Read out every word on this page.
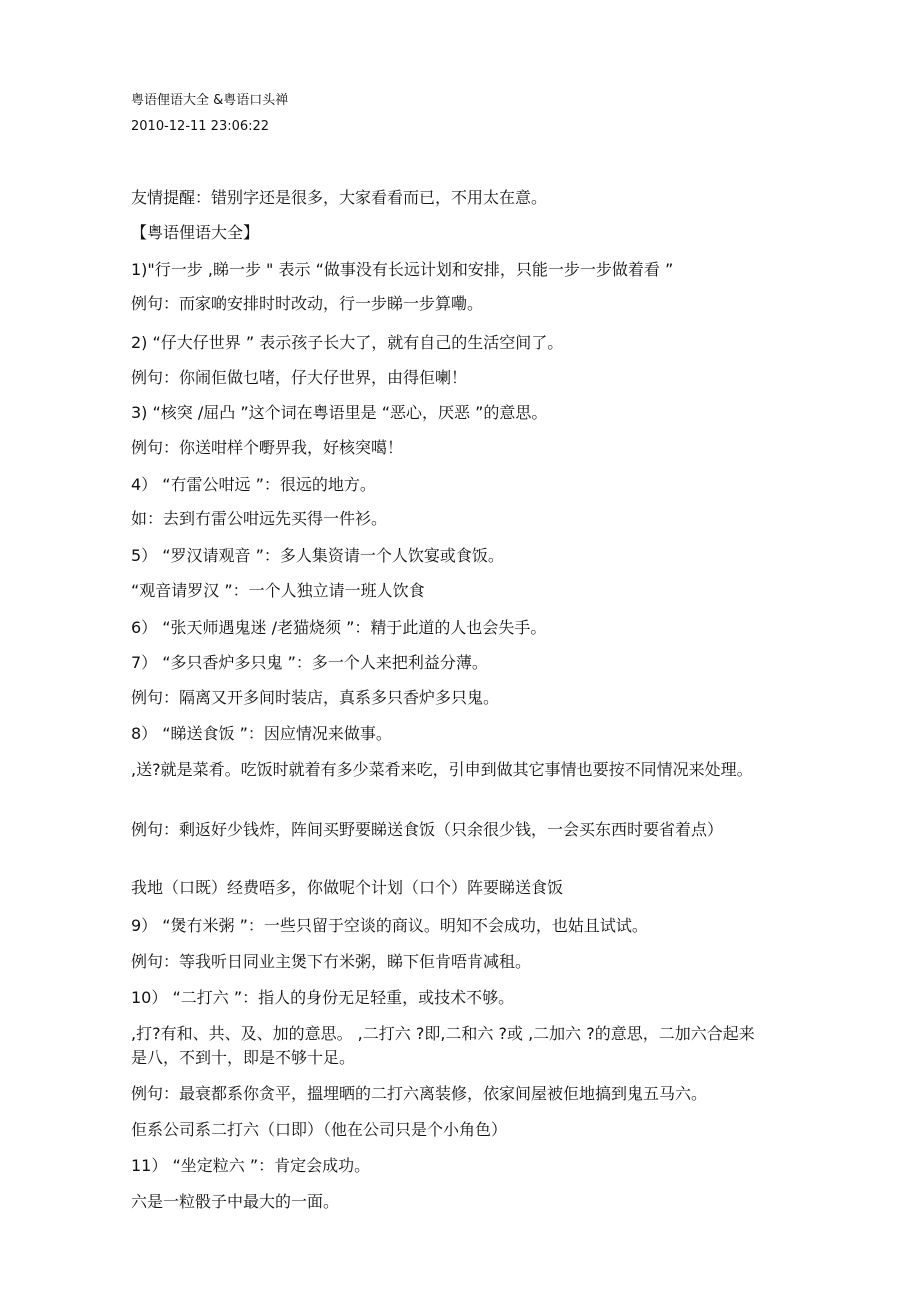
粤语俚语大全 &粤语口头禅
2010-12-11 23:06:22
友情提醒：错别字还是很多，大家看看而已，不用太在意。
【粤语俚语大全】
1)"行一步 ,睇一步 " 表示 “做事没有长远计划和安排，只能一步一步做着看 ”
例句：而家啲安排时时改动，行一步睇一步算嘞。
2) “仔大仔世界 ” 表示孩子长大了，就有自己的生活空间了。
例句：你闹佢做乜啫，仔大仔世界，由得佢喇！
3) “核突 /屈凸 ”这个词在粤语里是 “恶心，厌恶 ”的意思。
例句：你送咁样个嘢畀我，好核突噶！
4） “冇雷公咁远 ”：很远的地方。
如：去到冇雷公咁远先买得一件衫。
5） “罗汉请观音 ”：多人集资请一个人饮宴或食饭。
“观音请罗汉 ”：一个人独立请一班人饮食
6） “张天师遇鬼迷 /老猫烧须 ”：精于此道的人也会失手。
7） “多只香炉多只鬼 ”：多一个人来把利益分薄。
例句：隔离又开多间时装店，真系多只香炉多只鬼。
8） “睇送食饭 ”：因应情况来做事。
,送?就是菜肴。吃饭时就着有多少菜肴来吃，引申到做其它事情也要按不同情况来处理。
例句：剩返好少钱炸，阵间买野要睇送食饭（只余很少钱，一会买东西时要省着点）
我地（口既）经费唔多，你做呢个计划（口个）阵要睇送食饭
9） “煲冇米粥 ”：一些只留于空谈的商议。明知不会成功，也姑且试试。
例句：等我听日同业主煲下冇米粥，睇下佢肯唔肯减租。
10） “二打六 ”：指人的身份无足轻重，或技术不够。
,打?有和、共、及、加的意思。 ,二打六 ?即,二和六 ?或 ,二加六 ?的意思，二加六合起来是八，不到十，即是不够十足。
例句：最衰都系你贪平，搵埋晒的二打六离装修，依家间屋被佢地搞到鬼五马六。
佢系公司系二打六（口即）（他在公司只是个小角色）
11） “坐定粒六 ”：肯定会成功。
六是一粒骰子中最大的一面。
